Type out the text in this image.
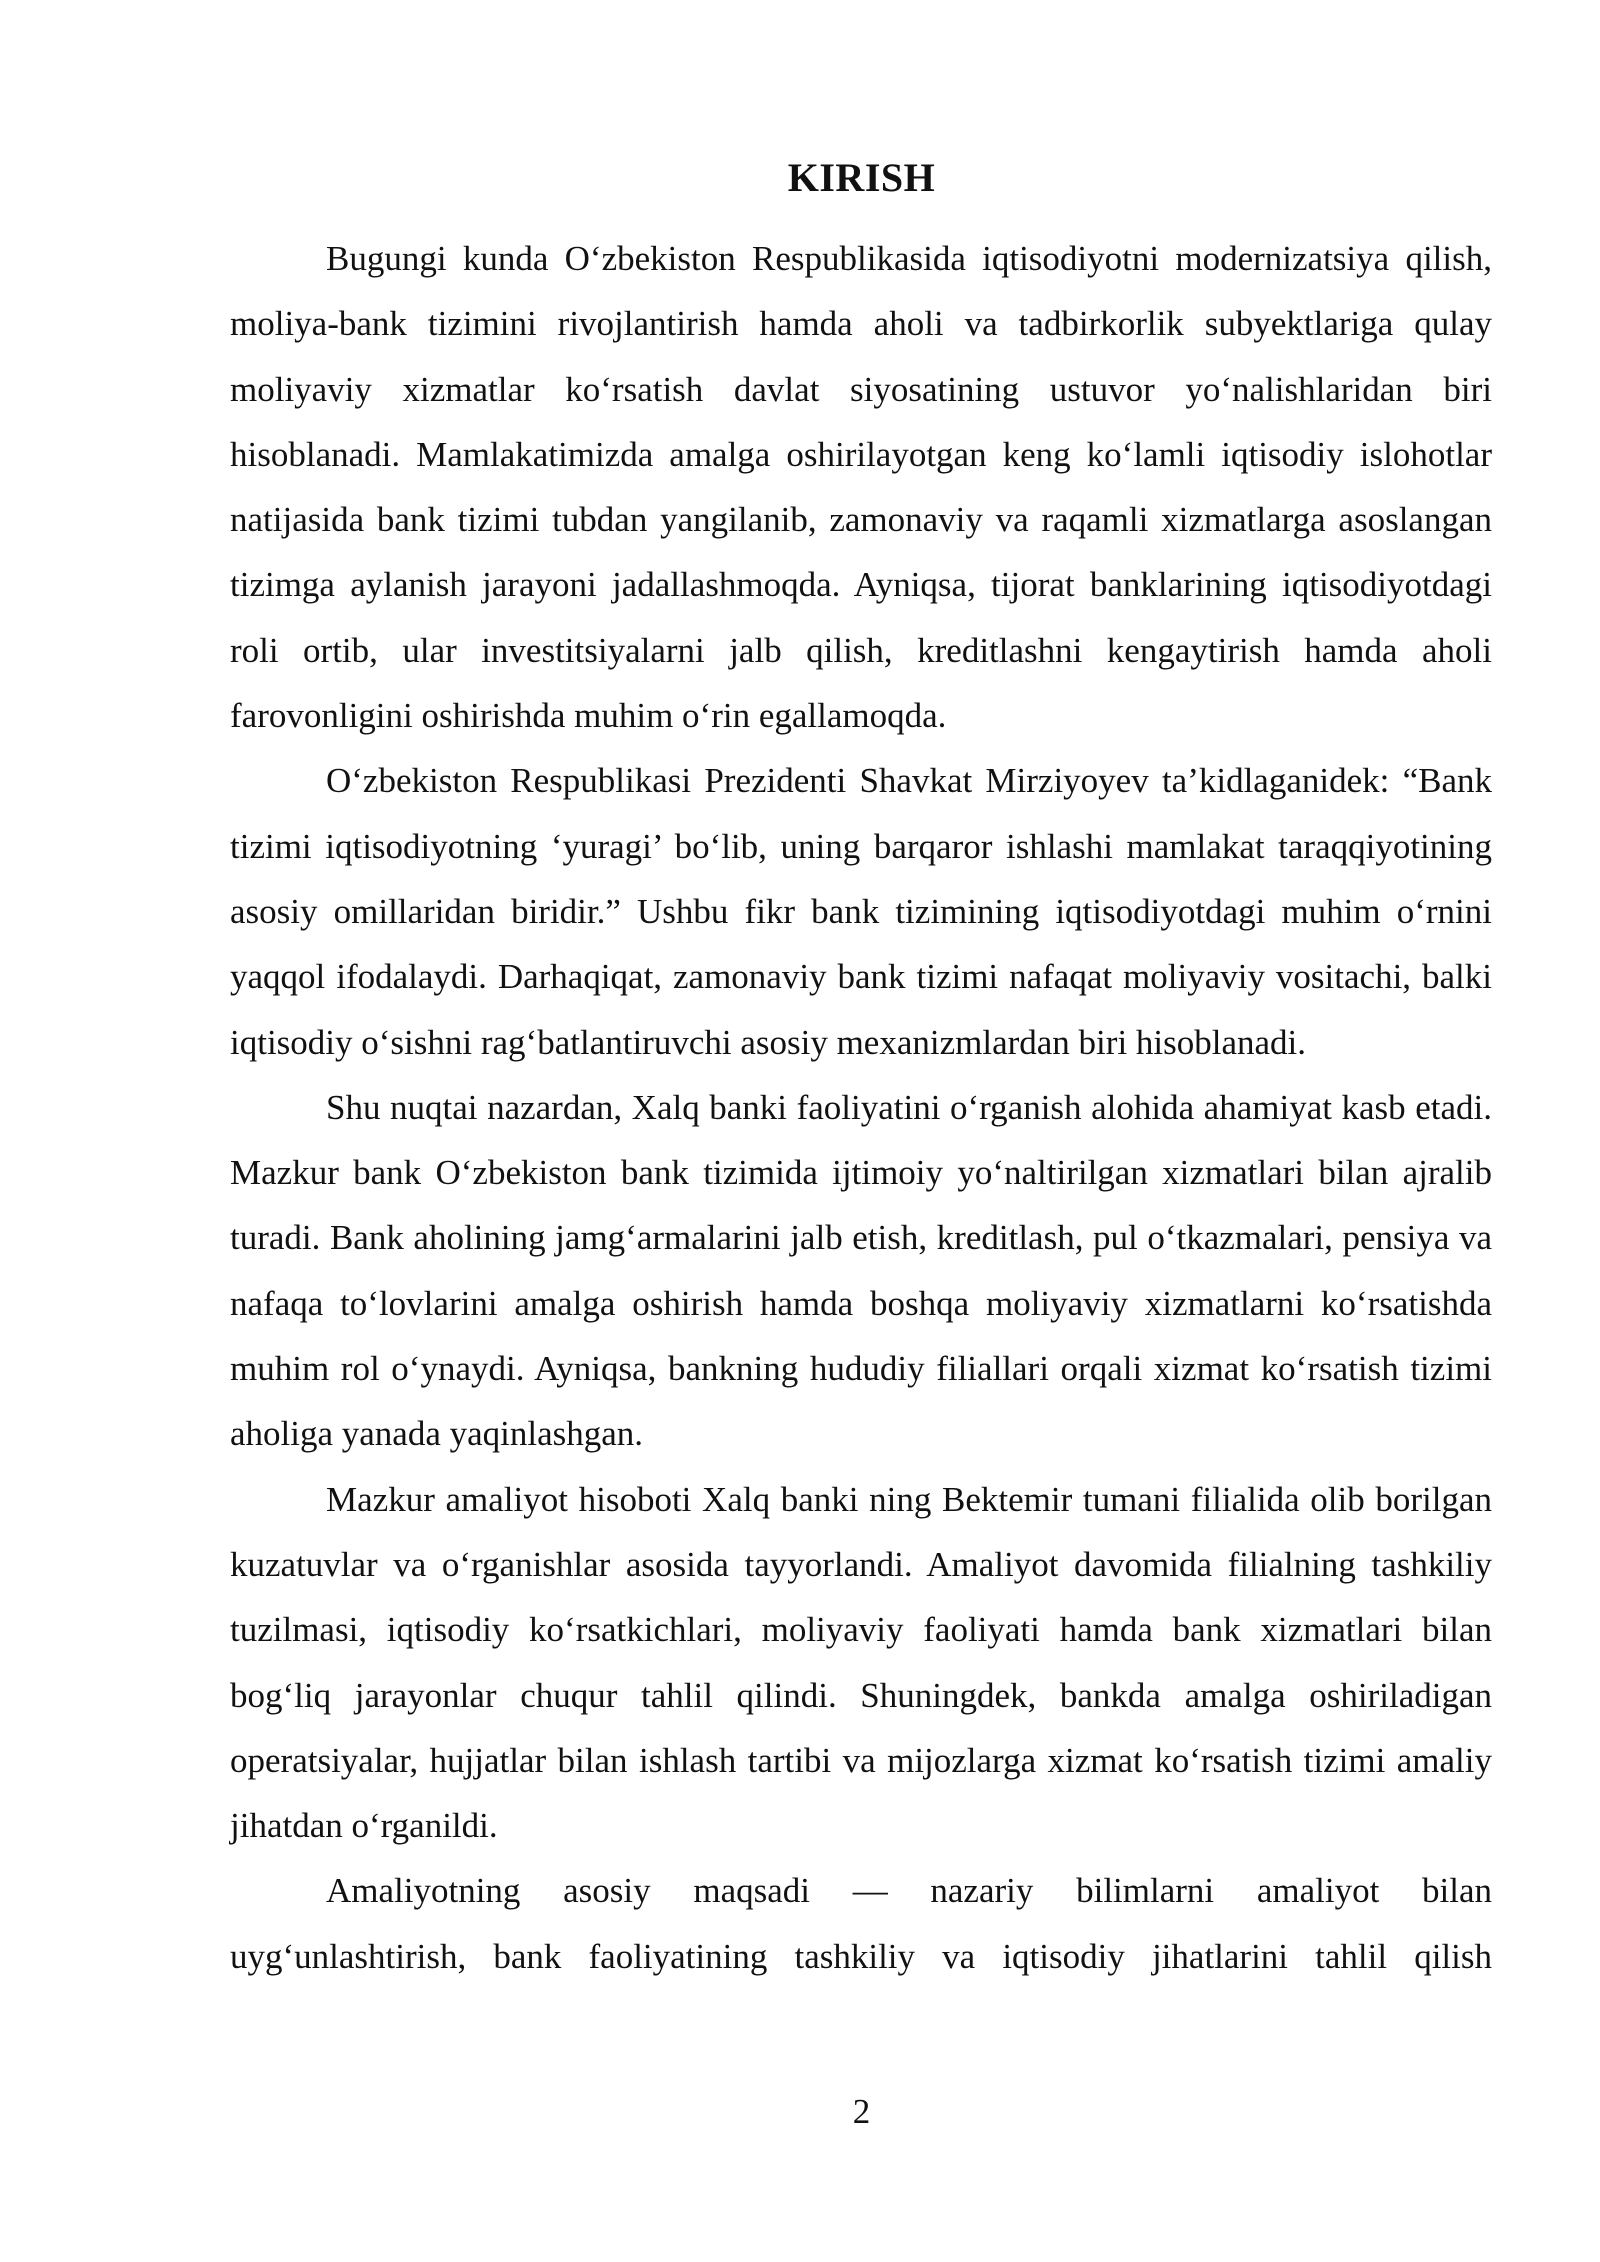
KIRISH

Bugungi kunda O‘zbekiston Respublikasida iqtisodiyotni modernizatsiya qilish, moliya-bank tizimini rivojlantirish hamda aholi va tadbirkorlik subyektlariga qulay moliyaviy xizmatlar ko‘rsatish davlat siyosatining ustuvor yo‘nalishlaridan biri hisoblanadi. Mamlakatimizda amalga oshirilayotgan keng ko‘lamli iqtisodiy islohotlar natijasida bank tizimi tubdan yangilanib, zamonaviy va raqamli xizmatlarga asoslangan tizimga aylanish jarayoni jadallashmoqda. Ayniqsa, tijorat banklarining iqtisodiyotdagi roli ortib, ular investitsiyalarni jalb qilish, kreditlashni kengaytirish hamda aholi farovonligini oshirishda muhim o‘rin egallamoqda.

O‘zbekiston Respublikasi Prezidenti Shavkat Mirziyoyev ta’kidlaganidek: “Bank tizimi iqtisodiyotning ‘yuragi’ bo‘lib, uning barqaror ishlashi mamlakat taraqqiyotining asosiy omillaridan biridir.” Ushbu fikr bank tizimining iqtisodiyotdagi muhim o‘rnini yaqqol ifodalaydi. Darhaqiqat, zamonaviy bank tizimi nafaqat moliyaviy vositachi, balki iqtisodiy o‘sishni rag‘batlantiruvchi asosiy mexanizmlardan biri hisoblanadi.

Shu nuqtai nazardan, Xalq banki faoliyatini o‘rganish alohida ahamiyat kasb etadi. Mazkur bank O‘zbekiston bank tizimida ijtimoiy yo‘naltirilgan xizmatlari bilan ajralib turadi. Bank aholining jamg‘armalarini jalb etish, kreditlash, pul o‘tkazmalari, pensiya va nafaqa to‘lovlarini amalga oshirish hamda boshqa moliyaviy xizmatlarni ko‘rsatishda muhim rol o‘ynaydi. Ayniqsa, bankning hududiy filiallari orqali xizmat ko‘rsatish tizimi aholiga yanada yaqinlashgan.

Mazkur amaliyot hisoboti Xalq banki ning Bektemir tumani filialida olib borilgan kuzatuvlar va o‘rganishlar asosida tayyorlandi. Amaliyot davomida filialning tashkiliy tuzilmasi, iqtisodiy ko‘rsatkichlari, moliyaviy faoliyati hamda bank xizmatlari bilan bog‘liq jarayonlar chuqur tahlil qilindi. Shuningdek, bankda amalga oshiriladigan operatsiyalar, hujjatlar bilan ishlash tartibi va mijozlarga xizmat ko‘rsatish tizimi amaliy jihatdan o‘rganildi.

Amaliyotning asosiy maqsadi — nazariy bilimlarni amaliyot bilan uyg‘unlashtirish, bank faoliyatining tashkiliy va iqtisodiy jihatlarini tahlil qilish

2
